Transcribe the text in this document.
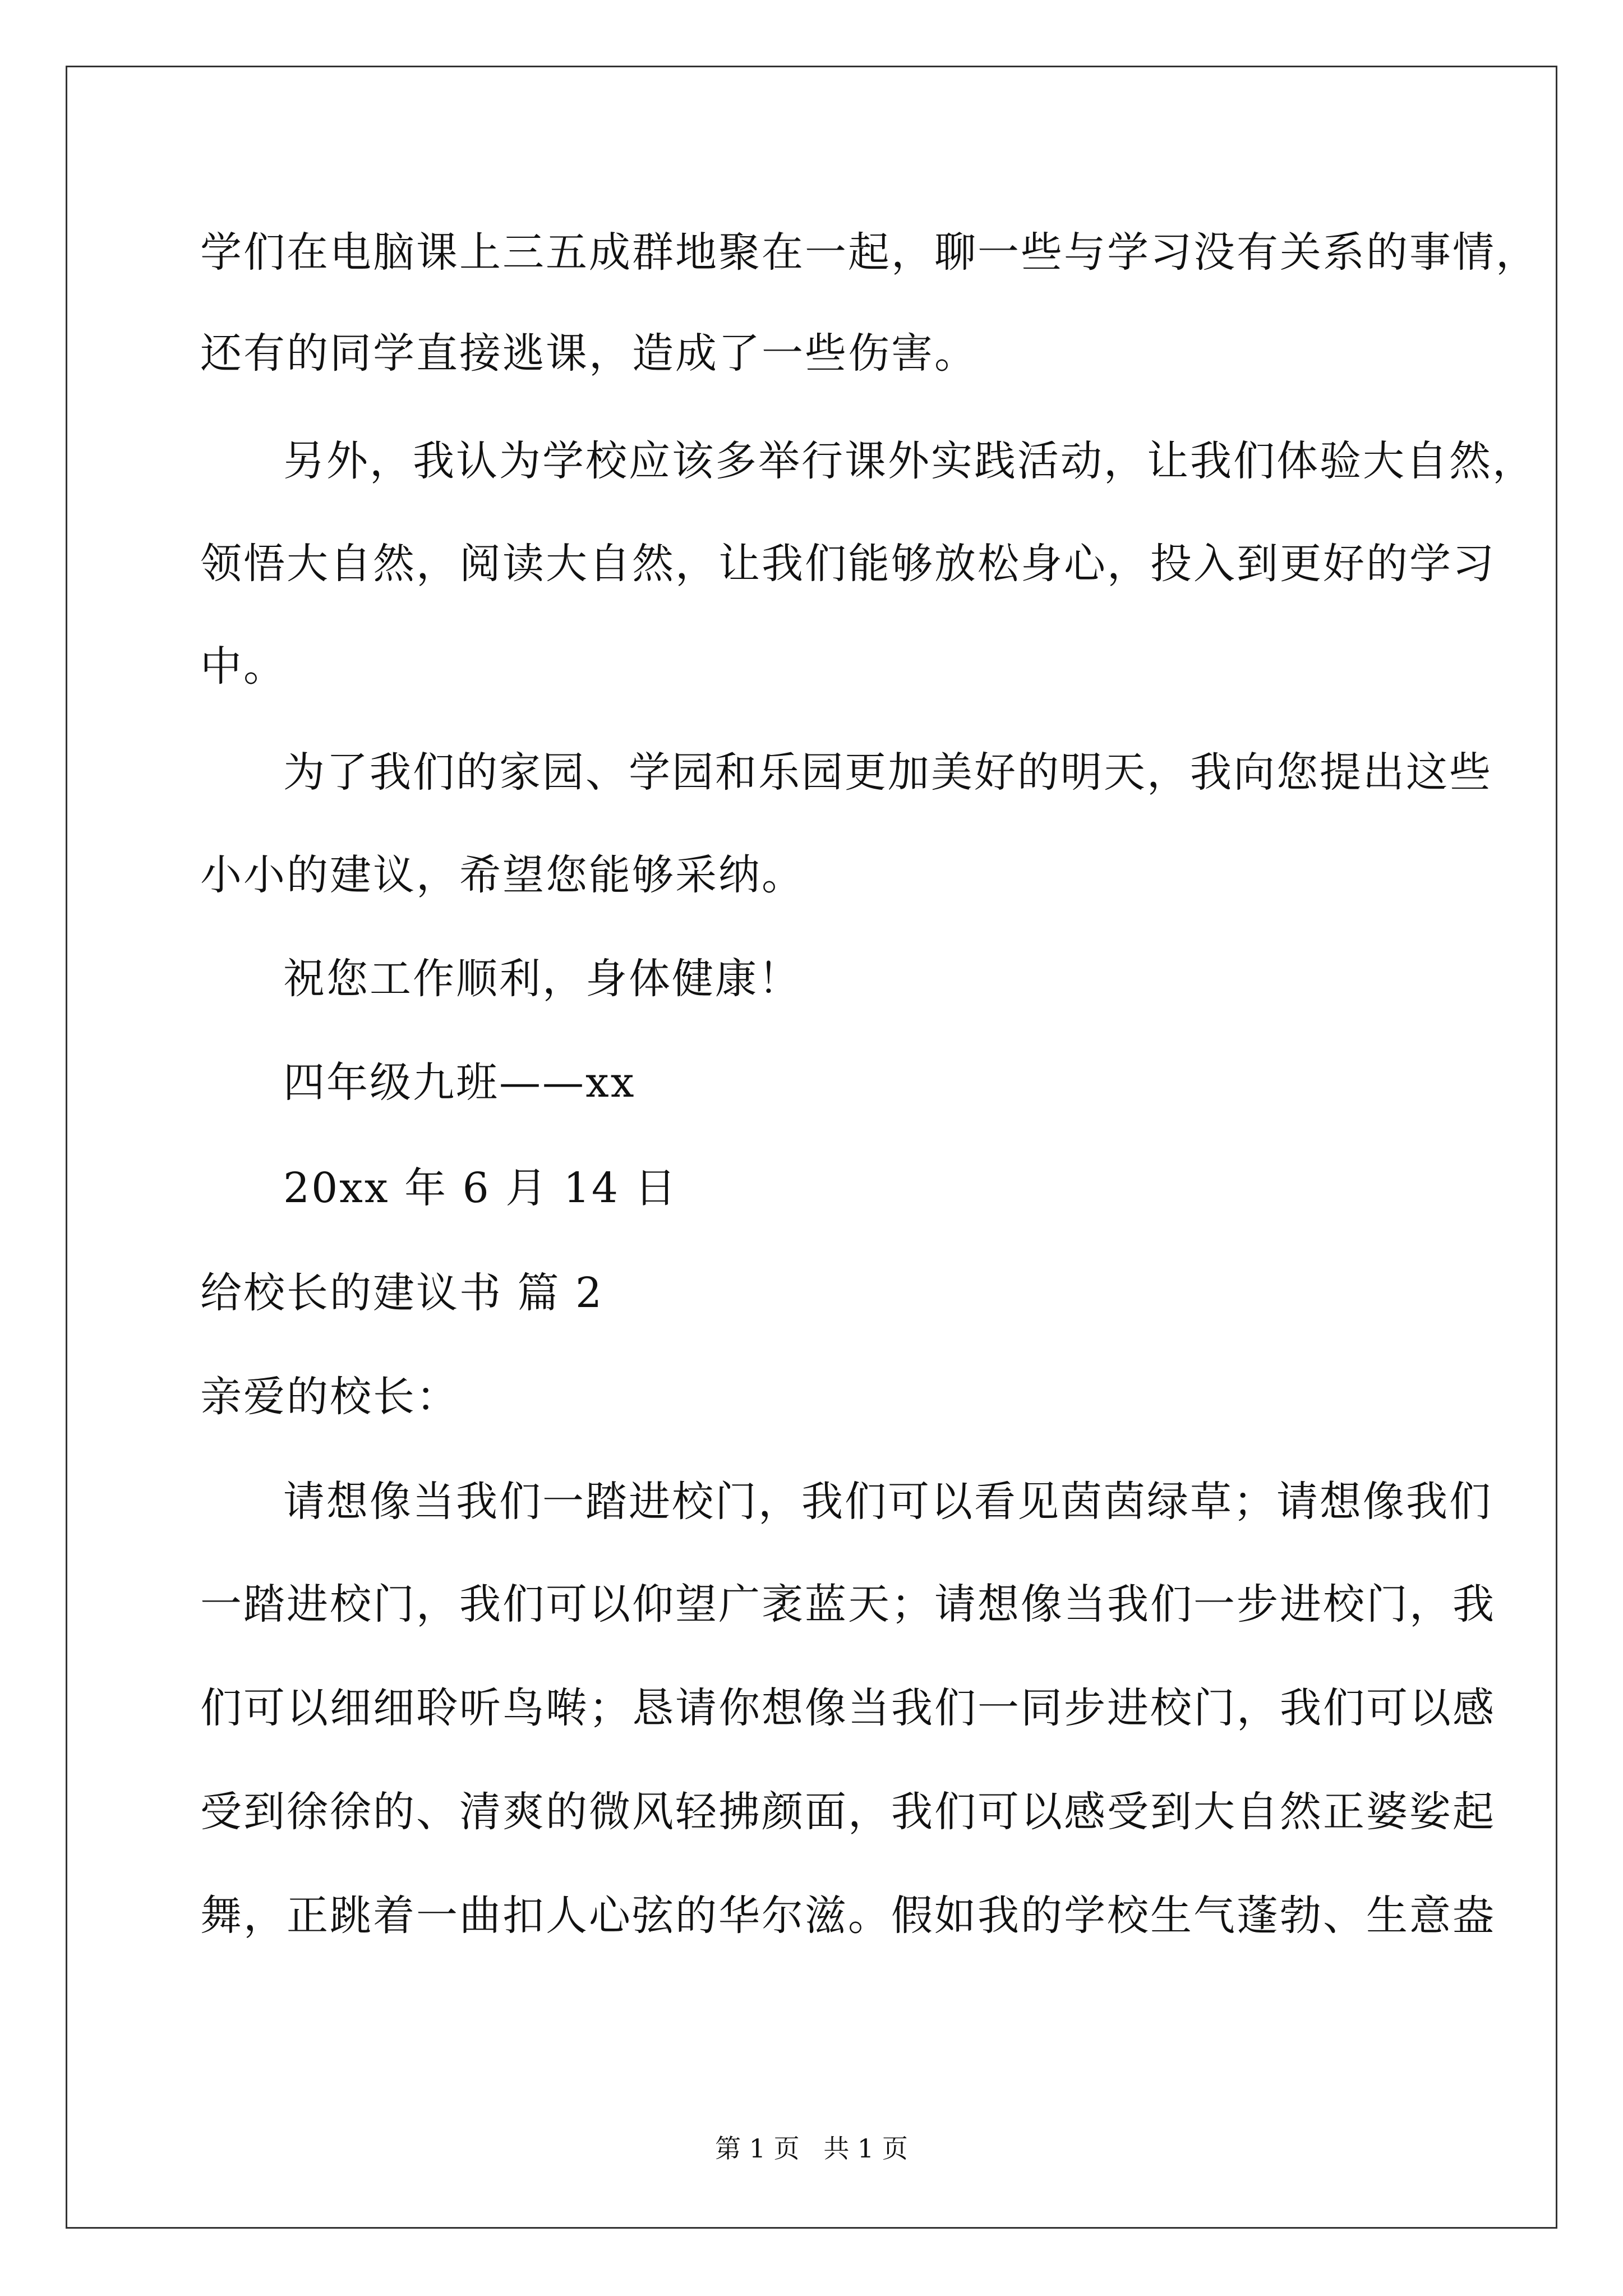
学们在电脑课上三五成群地聚在一起，聊一些与学习没有关系的事情，
还有的同学直接逃课，造成了一些伤害。
另外，我认为学校应该多举行课外实践活动，让我们体验大自然，
领悟大自然，阅读大自然，让我们能够放松身心，投入到更好的学习
中。
为了我们的家园、学园和乐园更加美好的明天，我向您提出这些
小小的建议，希望您能够采纳。
祝您工作顺利，身体健康！
四年级九班——xx
20xx 年 6 月 14 日
给校长的建议书 篇 2
亲爱的校长：
请想像当我们一踏进校门，我们可以看见茵茵绿草；请想像我们
一踏进校门，我们可以仰望广袤蓝天；请想像当我们一步进校门，我
们可以细细聆听鸟啭；恳请你想像当我们一同步进校门，我们可以感
受到徐徐的、清爽的微风轻拂颜面，我们可以感受到大自然正婆娑起
舞，正跳着一曲扣人心弦的华尔滋。假如我的学校生气蓬勃、生意盎
第 1 页 共 1 页
